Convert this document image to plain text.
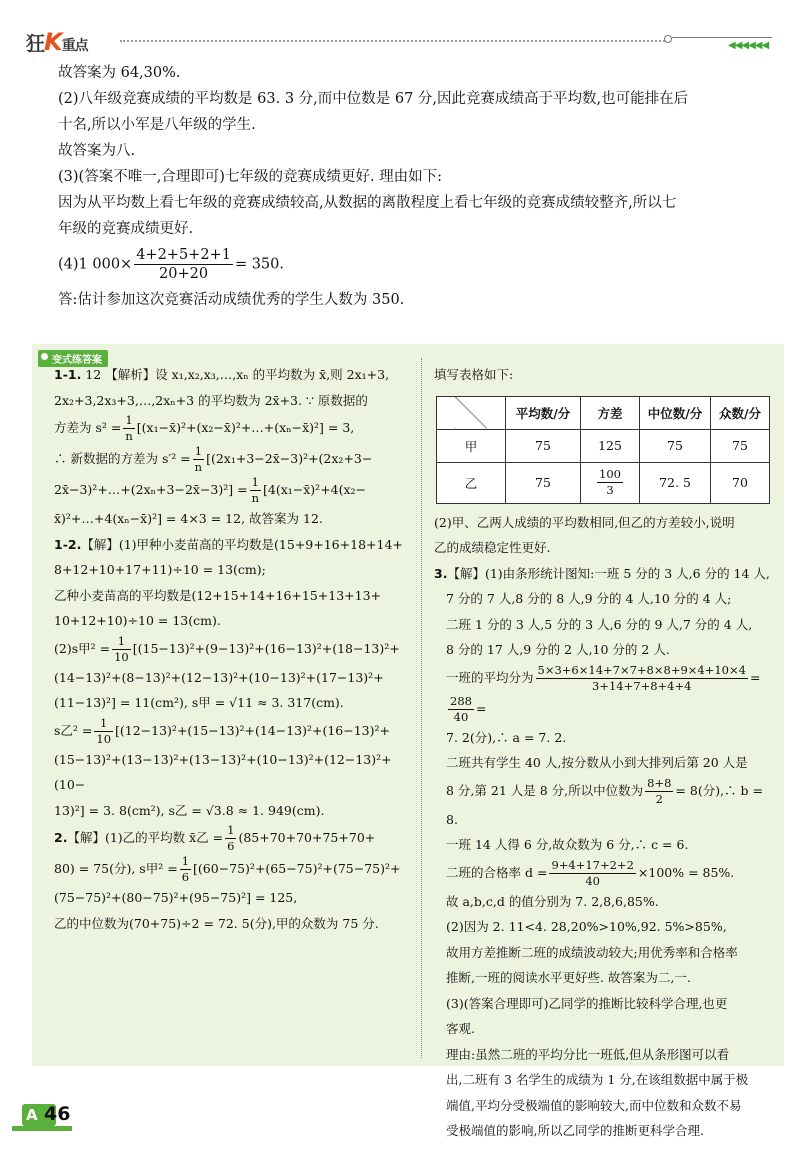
狂K重点	◀◀◀◀◀◀

故答案为 64,30%.

(2)八年级竞赛成绩的平均数是 63. 3 分,而中位数是 67 分,因此竞赛成绩高于平均数,也可能排在后

十名,所以小军是八年级的学生.

故答案为八.

(3)(答案不唯一,合理即可)七年级的竞赛成绩更好. 理由如下:

因为从平均数上看七年级的竞赛成绩较高,从数据的离散程度上看七年级的竞赛成绩较整齐,所以七

年级的竞赛成绩更好.

(4)1 $000\times \frac{4+2+5+2+1}{20+20} = 350$.

答:估计参加这次竞赛活动成绩优秀的学生人数为 350.

变式练答案

1-1. 12 【解析】设 x₁,x₂,x₃,…,xₙ 的平均数为 x̄,则 2x₁+3,

2x₂+3,2x₃+3,…,2xₙ+3 的平均数为 2x̄+3. ∵ 原数据的

方差为 $s^2 = \frac{1}{n}$ [(x₁−x̄)²+(x₂−x̄)²+…+(xₙ−x̄)²] = 3,

∴ 新数据的方差为 $s'^2 = \frac{1}{n}$ [(2x₁+3−2x̄−3)²+(2x₂+3−

2x̄−3)²+…+(2xₙ+3−2x̄−3)²] = $\frac{1}{n}$ [4(x₁−x̄)²+4(x₂−

x̄)²+…+4(xₙ−x̄)²] = 4×3 = 12, 故答案为 12.

1-2.【解】(1)甲种小麦苗高的平均数是(15+9+16+18+14+

8+12+10+17+11)÷10 = 13(cm);

乙种小麦苗高的平均数是(12+15+14+16+15+13+13+

10+12+10)÷10 = 13(cm).

(2)s甲$^2 = \frac{1}{10} [(15-13)^2+(9-13)^2+(16-13)^2+(18-13)^2+$

(14−13)²+(8−13)²+(12−13)²+(10−13)²+(17−13)²+

(11−13)²] = 11(cm²), s甲 = √11 ≈ 3. 317(cm).

s乙$^2 = \frac{1}{10} [(12-13)^2+(15-13)^2+(14-13)^2+(16-13)^2+$

(15−13)²+(13−13)²+(13−13)²+(10−13)²+(12−13)²+(10−

13)²] = 3. 8(cm²), s乙 = √3.8 ≈ 1. 949(cm).

2.【解】(1)乙的平均数 x̄乙 = $\frac{1}{6} (85+70+70+75+70+$

80) = 75(分), s甲$^2 = \frac{1}{6} [(60-75)^2+(65-75)^2+(75-75)^2+$

(75−75)²+(80−75)²+(95−75)²] = 125,

乙的中位数为(70+75)÷2 = 72. 5(分),甲的众数为 75 分.

填写表格如下:

	平均数/分	方差	中位数/分	众数/分
甲	75	125	75	75
乙	75	$\frac{100}{3}$	72. 5	70

(2)甲、乙两人成绩的平均数相同,但乙的方差较小,说明

乙的成绩稳定性更好.

3.【解】(1)由条形统计图知:一班 5 分的 3 人,6 分的 14 人,

7 分的 7 人,8 分的 8 人,9 分的 4 人,10 分的 4 人;

二班 1 分的 3 人,5 分的 3 人,6 分的 9 人,7 分的 4 人,

8 分的 17 人,9 分的 2 人,10 分的 2 人.

一班的平均分为 $\frac{5\times 3+6\times 14+7\times 7+8\times 8+9\times 4+10\times 4}{3+14+7+8+4+4}$ =
$\frac{288}{40}$ =

7. 2(分),∴ a = 7. 2.

二班共有学生 40 人,按分数从小到大排列后第 20 人是

8 分,第 21 人是 8 分,所以中位数为 $\frac{8+8}{2} = 8$(分),∴ b = 8.

一班 14 人得 6 分,故众数为 6 分,∴ c = 6.

二班的合格率 $d = \frac{9+4+17+2+2}{40} \times 100\% = 85\%$.

故 a,b,c,d 的值分别为 7. 2,8,6,85%.

(2)因为 2. 11<4. 28,20%>10%,92. 5%>85%,

故用方差推断二班的成绩波动较大;用优秀率和合格率

推断,一班的阅读水平更好些. 故答案为二,一.

(3)(答案合理即可)乙同学的推断比较科学合理,也更

客观.

理由:虽然二班的平均分比一班低,但从条形图可以看

出,二班有 3 名学生的成绩为 1 分,在该组数据中属于极

端值,平均分受极端值的影响较大,而中位数和众数不易

受极端值的影响,所以乙同学的推断更科学合理.

A 46
